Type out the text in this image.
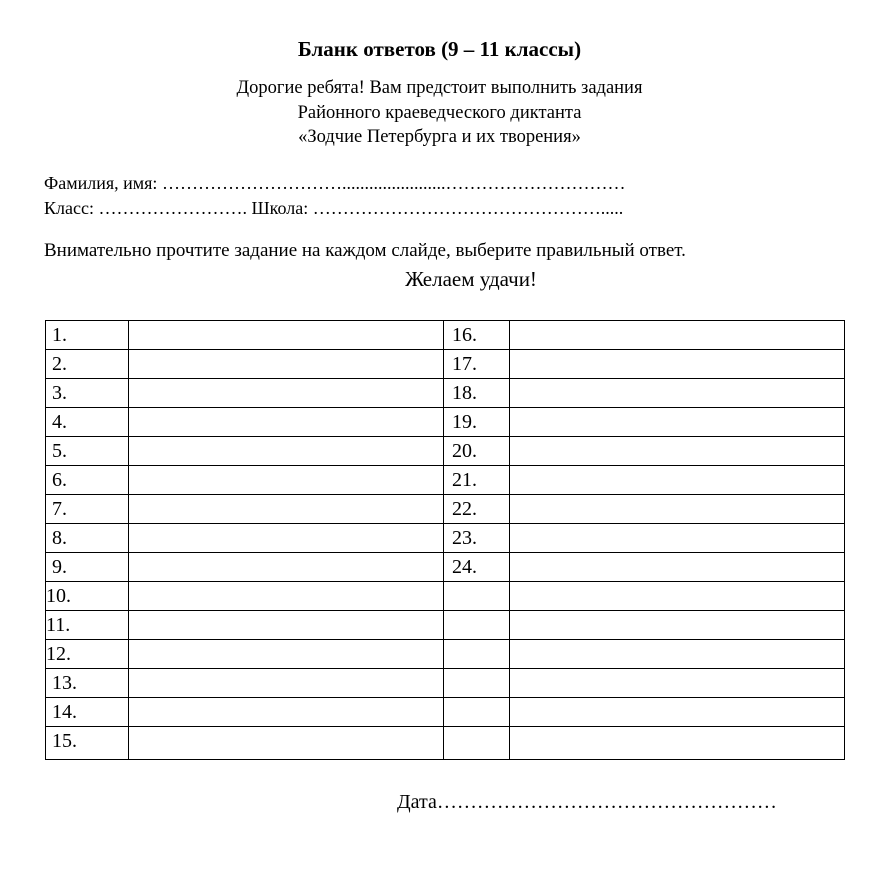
Бланк ответов (9 – 11 классы)
Дорогие ребята! Вам предстоит выполнить задания
Районного краеведческого диктанта
«Зодчие Петербурга и их творения»
Фамилия, имя: ………………………….......................…………………………
Класс: ……………………. Школа: ………………………………………….....
Внимательно прочтите задание на каждом слайде, выберите правильный ответ.
Желаем удачи!
1.		16.	
2.		17.	
3.		18.	
4.		19.	
5.		20.	
6.		21.	
7.		22.	
8.		23.	
9.		24.	
10.			
11.			
12.			
13.			
14.			
15.			
Дата……………………………………………
